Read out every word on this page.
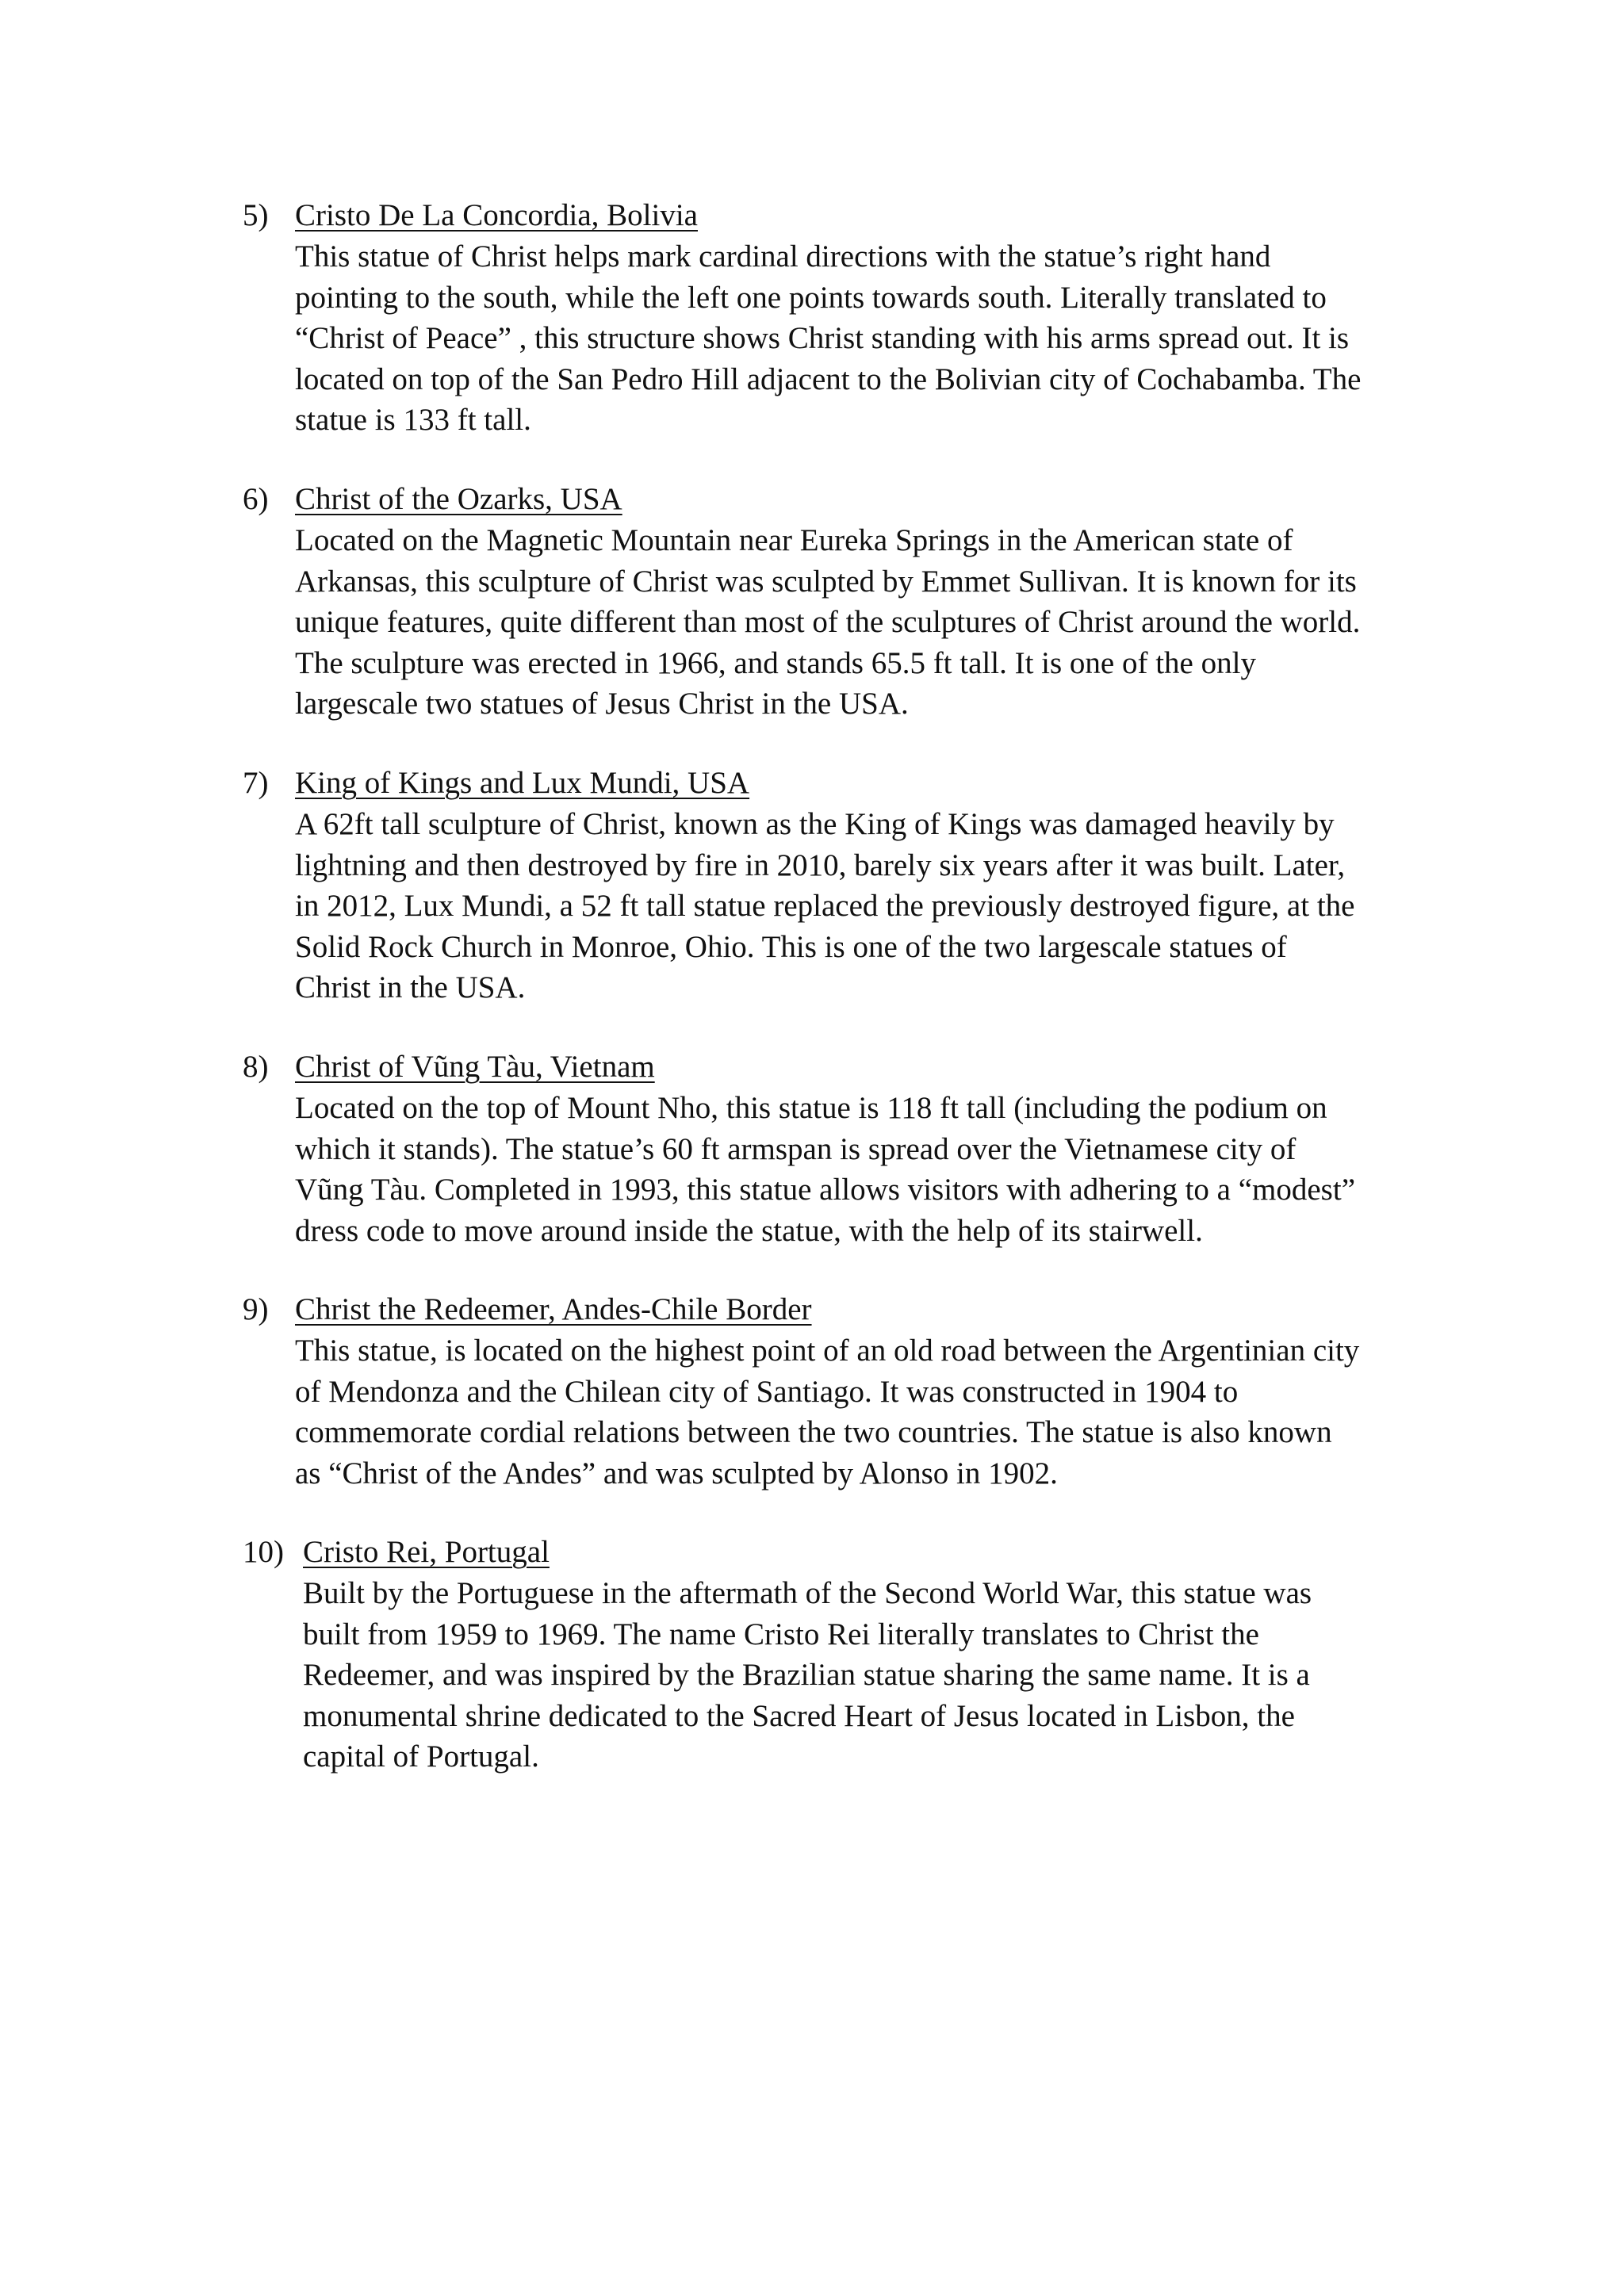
5) Cristo De La Concordia, Bolivia
This statue of Christ helps mark cardinal directions with the statue’s right hand
pointing to the south, while the left one points towards south. Literally translated to
“Christ of Peace” , this structure shows Christ standing with his arms spread out. It is
located on top of the San Pedro Hill adjacent to the Bolivian city of Cochabamba. The
statue is 133 ft tall.
6) Christ of the Ozarks, USA
Located on the Magnetic Mountain near Eureka Springs in the American state of
Arkansas, this sculpture of Christ was sculpted by Emmet Sullivan. It is known for its
unique features, quite different than most of the sculptures of Christ around the world.
The sculpture was erected in 1966, and stands 65.5 ft tall. It is one of the only
largescale two statues of Jesus Christ in the USA.
7) King of Kings and Lux Mundi, USA
A 62ft tall sculpture of Christ, known as the King of Kings was damaged heavily by
lightning and then destroyed by fire in 2010, barely six years after it was built. Later,
in 2012, Lux Mundi, a 52 ft tall statue replaced the previously destroyed figure, at the
Solid Rock Church in Monroe, Ohio. This is one of the two largescale statues of
Christ in the USA.
8) Christ of Vũng Tàu, Vietnam
Located on the top of Mount Nho, this statue is 118 ft tall (including the podium on
which it stands). The statue’s 60 ft armspan is spread over the Vietnamese city of
Vũng Tàu. Completed in 1993, this statue allows visitors with adhering to a “modest”
dress code to move around inside the statue, with the help of its stairwell.
9) Christ the Redeemer, Andes-Chile Border
This statue, is located on the highest point of an old road between the Argentinian city
of Mendonza and the Chilean city of Santiago. It was constructed in 1904 to
commemorate cordial relations between the two countries. The statue is also known
as “Christ of the Andes” and was sculpted by Alonso in 1902.
10) Cristo Rei, Portugal
Built by the Portuguese in the aftermath of the Second World War, this statue was
built from 1959 to 1969. The name Cristo Rei literally translates to Christ the
Redeemer, and was inspired by the Brazilian statue sharing the same name. It is a
monumental shrine dedicated to the Sacred Heart of Jesus located in Lisbon, the
capital of Portugal.
